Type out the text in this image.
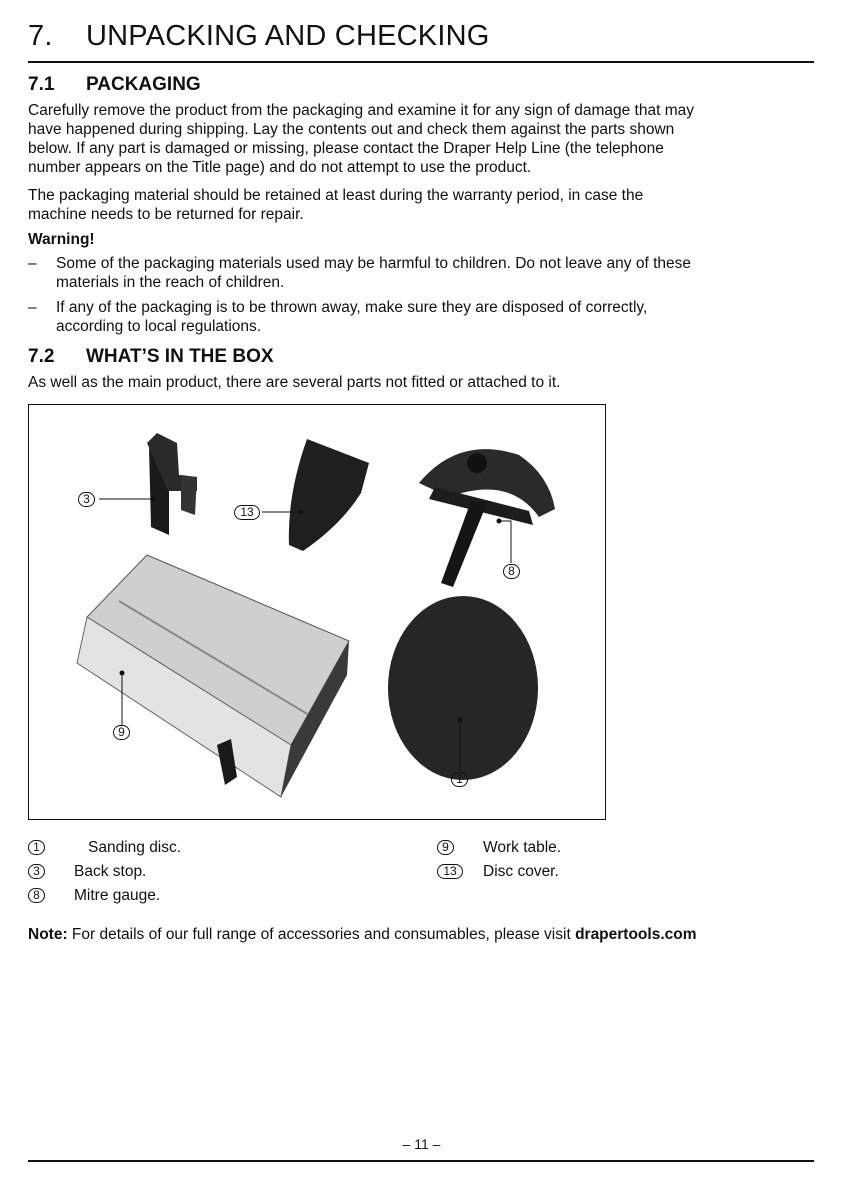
7. UNPACKING AND CHECKING
7.1 PACKAGING

Carefully remove the product from the packaging and examine it for any sign of damage that may
have happened during shipping. Lay the contents out and check them against the parts shown
below. If any part is damaged or missing, please contact the Draper Help Line (the telephone
number appears on the Title page) and do not attempt to use the product.

The packaging material should be retained at least during the warranty period, in case the
machine needs to be returned for repair.

Warning!

– Some of the packaging materials used may be harmful to children. Do not leave any of these
materials in the reach of children.
– If any of the packaging is to be thrown away, make sure they are disposed of correctly,
according to local regulations.
7.2 WHAT’S IN THE BOX

As well as the main product, there are several parts not fitted or attached to it.

3
13
8
9
1
1	Sanding disc.
3	Back stop.
8	Mitre gauge.
9	Work table.
13	Disc cover.

Note: For details of our full range of accessories and consumables, please visit drapertools.com

– 11 –
